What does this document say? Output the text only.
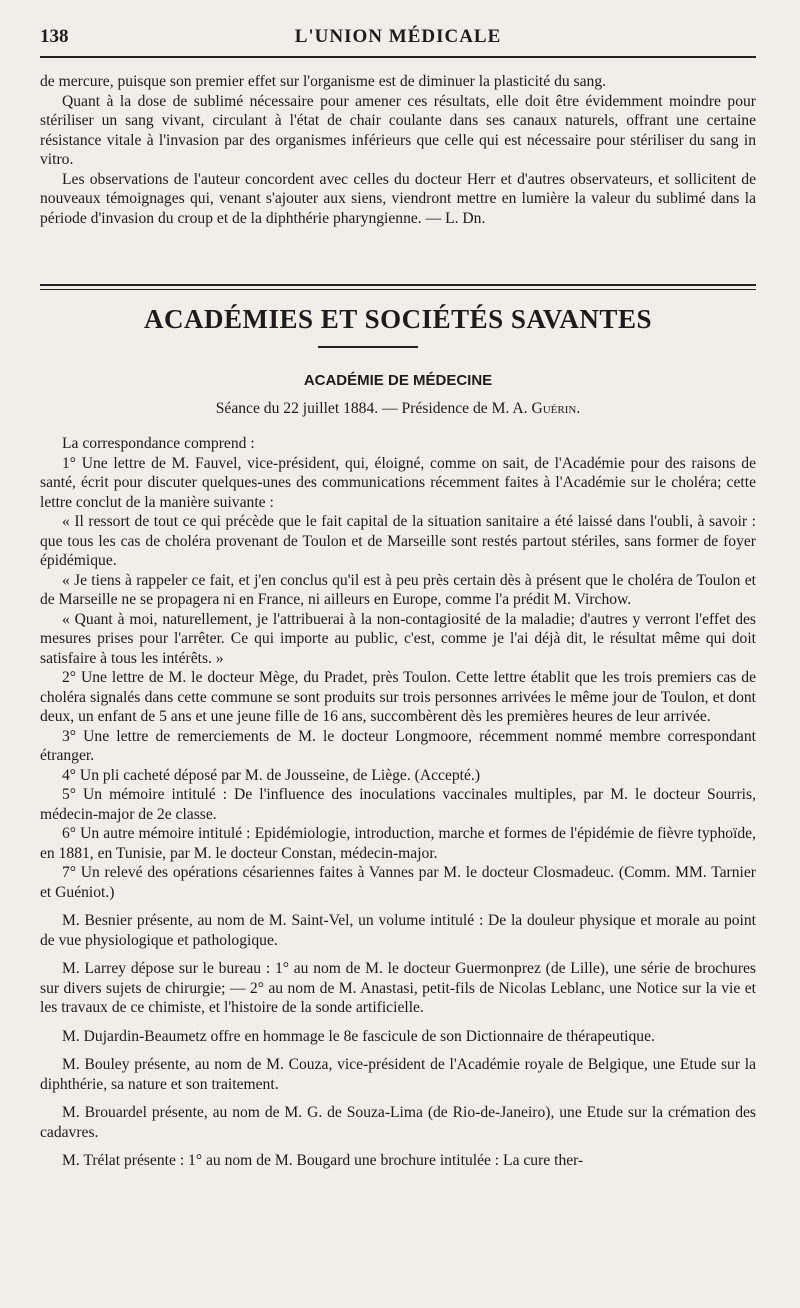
138	L'UNION MÉDICALE

de mercure, puisque son premier effet sur l'organisme est de diminuer la plasticité du sang.

Quant à la dose de sublimé nécessaire pour amener ces résultats, elle doit être évidemment moindre pour stériliser un sang vivant, circulant à l'état de chair coulante dans ses canaux naturels, offrant une certaine résistance vitale à l'invasion par des organismes inférieurs que celle qui est nécessaire pour stériliser du sang in vitro.

Les observations de l'auteur concordent avec celles du docteur Herr et d'autres observateurs, et sollicitent de nouveaux témoignages qui, venant s'ajouter aux siens, viendront mettre en lumière la valeur du sublimé dans la période d'invasion du croup et de la diphthérie pharyngienne. — L. Dn.

ACADÉMIES ET SOCIÉTÉS SAVANTES
ACADÉMIE DE MÉDECINE
Séance du 22 juillet 1884. — Présidence de M. A. Guérin.

La correspondance comprend :

1° Une lettre de M. Fauvel, vice-président, qui, éloigné, comme on sait, de l'Académie pour des raisons de santé, écrit pour discuter quelques-unes des communications récemment faites à l'Académie sur le choléra; cette lettre conclut de la manière suivante :

« Il ressort de tout ce qui précède que le fait capital de la situation sanitaire a été laissé dans l'oubli, à savoir : que tous les cas de choléra provenant de Toulon et de Marseille sont restés partout stériles, sans former de foyer épidémique.

« Je tiens à rappeler ce fait, et j'en conclus qu'il est à peu près certain dès à présent que le choléra de Toulon et de Marseille ne se propagera ni en France, ni ailleurs en Europe, comme l'a prédit M. Virchow.

« Quant à moi, naturellement, je l'attribuerai à la non-contagiosité de la maladie; d'autres y verront l'effet des mesures prises pour l'arrêter. Ce qui importe au public, c'est, comme je l'ai déjà dit, le résultat même qui doit satisfaire à tous les intérêts. »

2° Une lettre de M. le docteur Mège, du Pradet, près Toulon. Cette lettre établit que les trois premiers cas de choléra signalés dans cette commune se sont produits sur trois personnes arrivées le même jour de Toulon, et dont deux, un enfant de 5 ans et une jeune fille de 16 ans, succombèrent dès les premières heures de leur arrivée.

3° Une lettre de remerciements de M. le docteur Longmoore, récemment nommé membre correspondant étranger.

4° Un pli cacheté déposé par M. de Jousseine, de Liège. (Accepté.)

5° Un mémoire intitulé : De l'influence des inoculations vaccinales multiples, par M. le docteur Sourris, médecin-major de 2e classe.

6° Un autre mémoire intitulé : Epidémiologie, introduction, marche et formes de l'épidémie de fièvre typhoïde, en 1881, en Tunisie, par M. le docteur Constan, médecin-major.

7° Un relevé des opérations césariennes faites à Vannes par M. le docteur Closmadeuc. (Comm. MM. Tarnier et Guéniot.)

M. Besnier présente, au nom de M. Saint-Vel, un volume intitulé : De la douleur physique et morale au point de vue physiologique et pathologique.

M. Larrey dépose sur le bureau : 1° au nom de M. le docteur Guermonprez (de Lille), une série de brochures sur divers sujets de chirurgie; — 2° au nom de M. Anastasi, petit-fils de Nicolas Leblanc, une Notice sur la vie et les travaux de ce chimiste, et l'histoire de la sonde artificielle.

M. Dujardin-Beaumetz offre en hommage le 8e fascicule de son Dictionnaire de thérapeutique.

M. Bouley présente, au nom de M. Couza, vice-président de l'Académie royale de Belgique, une Etude sur la diphthérie, sa nature et son traitement.

M. Brouardel présente, au nom de M. G. de Souza-Lima (de Rio-de-Janeiro), une Etude sur la crémation des cadavres.

M. Trélat présente : 1° au nom de M. Bougard une brochure intitulée : La cure ther-
